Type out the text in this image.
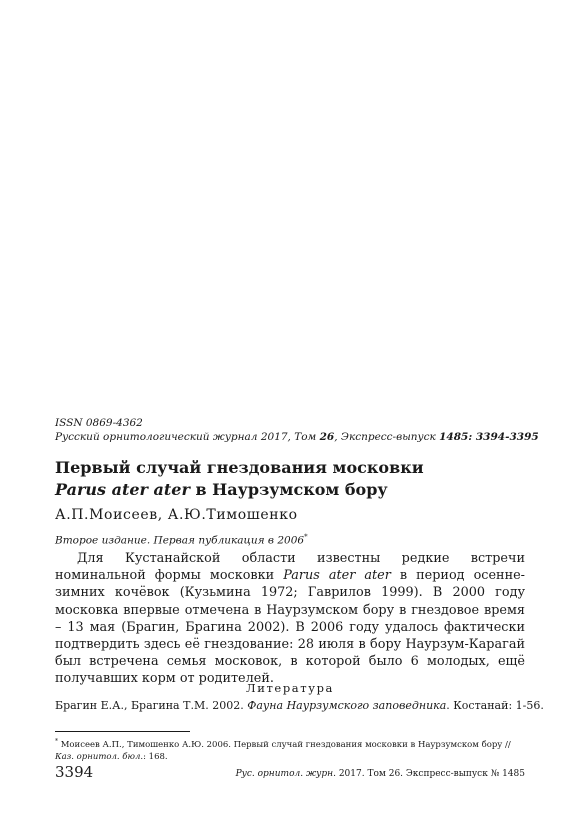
ISSN 0869-4362
Русский орнитологический журнал 2017, Том 26, Экспресс-выпуск 1485: 3394-3395
Первый случай гнездования московки
Parus ater ater в Наурзумском бору
А.П.Моисеев, А.Ю.Тимошенко
Второе издание. Первая публикация в 2006*

Для Кустанайской области известны редкие встречи номинальной формы московки Parus ater ater в период осенне-зимних кочёвок (Кузьмина 1972; Гаврилов 1999). В 2000 году московка впервые отмечена в Наурзумском бору в гнездовое время – 13 мая (Брагин, Брагина 2002). В 2006 году удалось фактически подтвердить здесь её гнездование: 28 июля в бору Наурзум-Карагай был встречена семья московок, в которой было 6 молодых, ещё получавших корм от родителей.

Литература
Брагин Е.А., Брагина Т.М. 2002. Фауна Наурзумского заповедника. Костанай: 1-56.
* Моисеев А.П., Тимошенко А.Ю. 2006. Первый случай гнездования московки в Наурзумском бору // Каз. орнитол. бюл.: 168.
3394	Рус. орнитол. журн. 2017. Том 26. Экспресс-выпуск № 1485
